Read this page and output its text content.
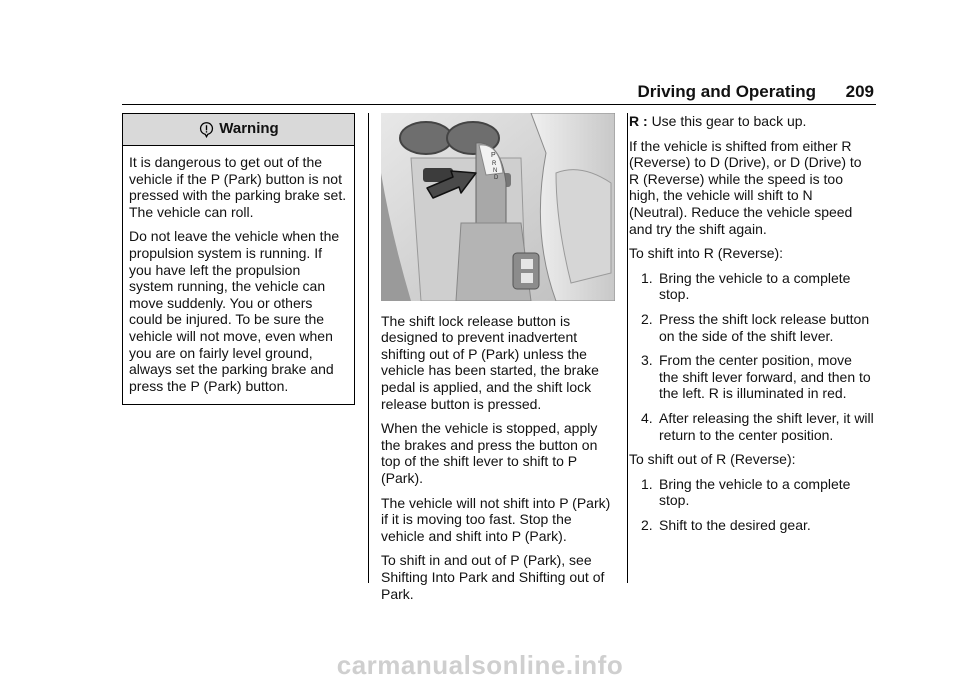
Driving and Operating 209
Warning

It is dangerous to get out of the vehicle if the P (Park) button is not pressed with the parking brake set. The vehicle can roll.

Do not leave the vehicle when the propulsion system is running. If you have left the propulsion system running, the vehicle can move suddenly. You or others could be injured. To be sure the vehicle will not move, even when you are on fairly level ground, always set the parking brake and press the P (Park) button.

P
R
N
D

The shift lock release button is designed to prevent inadvertent shifting out of P (Park) unless the vehicle has been started, the brake pedal is applied, and the shift lock release button is pressed.

When the vehicle is stopped, apply the brakes and press the button on top of the shift lever to shift to P (Park).

The vehicle will not shift into P (Park) if it is moving too fast. Stop the vehicle and shift into P (Park).

To shift in and out of P (Park), see Shifting Into Park and Shifting out of Park.

R : Use this gear to back up.

If the vehicle is shifted from either R (Reverse) to D (Drive), or D (Drive) to R (Reverse) while the speed is too high, the vehicle will shift to N (Neutral). Reduce the vehicle speed and try the shift again.

To shift into R (Reverse):

1. Bring the vehicle to a complete stop.
2. Press the shift lock release button on the side of the shift lever.
3. From the center position, move the shift lever forward, and then to the left. R is illuminated in red.
4. After releasing the shift lever, it will return to the center position.

To shift out of R (Reverse):

1. Bring the vehicle to a complete stop.
2. Shift to the desired gear.
carmanualsonline.info
